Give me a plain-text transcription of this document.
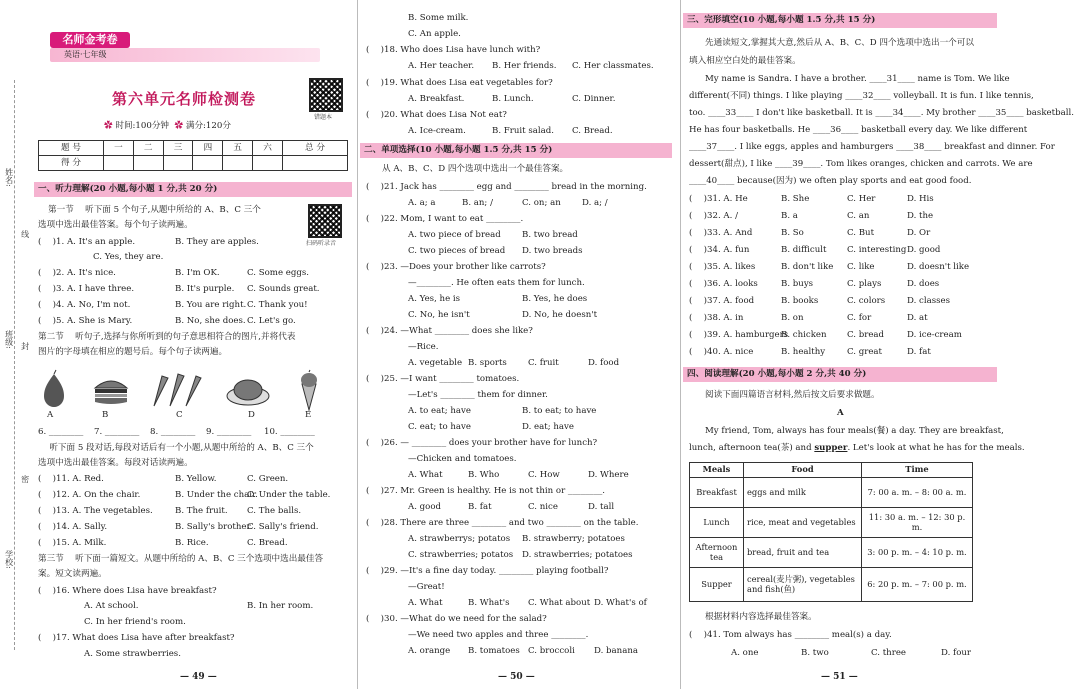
姓名:
线
班级: 封
密
学校:
名师金考卷
英语·七年级
错题本
第六单元名师检测卷
✿ 时间:100分钟 ✿ 满分:120分
题 号	一	二	三	四	五	六	总 分
得 分							
一、听力理解(20 小题,每小题 1 分,共 20 分)
扫码听录音
第一节　 听下面 5 个句子,从题中所给的 A、B、C 三个
选项中选出最佳答案。每个句子读两遍。
(　 )1. A. It's an apple.	B. They are apples.
C. Yes, they are.
(　 )2. A. It's nice.	B. I'm OK.	C. Some eggs.
(　 )3. A. I have three.	B. It's purple. C. Sounds great.
(　 )4. A. No, I'm not.	B. You are right. C. Thank you!
(　 )5. A. She is Mary.	B. No, she does. C. Let's go.
第二节　 听句子,选择与你所听到的句子意思相符合的图片,并将代表
图片的字母填在相应的题号后。每个句子读两遍。
A	B	C	D	E
6. ________ 7. ________ 8. ________ 9. ________ 10. ________
　 听下面 5 段对话,每段对话后有一个小题,从题中所给的 A、B、C 三个
选项中选出最佳答案。每段对话读两遍。
(　 )11. A. Red.	B. Yellow.	C. Green.
(　 )12. A. On the chair.	B. Under the chair.
C. Under the table.
(　 )13. A. The vegetables.	B. The fruit. C. The balls.
(　 )14. A. Sally.	B. Sally's brother.
C. Sally's friend.
(　 )15. A. Milk.	B. Rice.	C. Bread.
第三节　 听下面一篇短文。从题中所给的 A、B、C 三个选项中选出最佳答
案。短文读两遍。
(　 )16. Where does Lisa have breakfast?
A. At school.	B. In her room.
C. In her friend's room.
(　 )17. What does Lisa have after breakfast?
A. Some strawberries.
— 49 —
B. Some milk.
C. An apple.
(　 )18. Who does Lisa have lunch with?
A. Her teacher. B. Her friends. C. Her classmates.
(　 )19. What does Lisa eat vegetables for?
A. Breakfast.	B. Lunch.	C. Dinner.
(　 )20. What does Lisa Not eat?
A. Ice-cream.	B. Fruit salad. C. Bread.
二、单项选择(10 小题,每小题 1.5 分,共 15 分)
从 A、B、C、D 四个选项中选出一个最佳答案。
(　 )21. Jack has ________ egg and ________ bread in the morning.
A. a; a	B. an; /	C. on; an D. a; /
(　 )22. Mom, I want to eat ________.
A. two piece of bread B. two bread
C. two pieces of bread D. two breads
(　 )23. —Does your brother like carrots?
—________. He often eats them for lunch.
A. Yes, he is	B. Yes, he does
C. No, he isn't	D. No, he doesn't
(　 )24. —What ________ does she like?
—Rice.
A. vegetable B. sports C. fruit	D. food
(　 )25. —I want ________ tomatoes.
—Let's ________ them for dinner.
A. to eat; have	B. to eat; to have
C. eat; to have	D. eat; have
(　 )26. — ________ does your brother have for lunch?
—Chicken and tomatoes.
A. What	B. Who	C. How	D. Where
(　 )27. Mr. Green is healthy. He is not thin or ________.
A. good	B. fat	C. nice	D. tall
(　 )28. There are three ________ and two ________ on the table.
A. strawberrys; potatos B. strawberry; potatoes
C. strawberries; potatos D. strawberries; potatoes
(　 )29. —It's a fine day today. ________ playing football?
—Great!
A. What	B. What's C. What about D. What's of
(　 )30. —What do we need for the salad?
—We need two apples and three ________.
A. orange B. tomatoes C. broccoli D. banana
— 50 —
三、完形填空(10 小题,每小题 1.5 分,共 15 分)
先通读短文,掌握其大意,然后从 A、B、C、D 四个选项中选出一个可以
填入相应空白处的最佳答案。
My name is Sandra. I have a brother. ____31____ name is Tom. We like
different(不同) things. I like playing ____32____ volleyball. It is fun. I like tennis,
too. ____33____ I don't like basketball. It is ____34____. My brother ____35____ basketball.
He has four basketballs. He ____36____ basketball every day. We like different
____37____. I like eggs, apples and hamburgers ____38____ breakfast and dinner. For
dessert(甜点), I like ____39____. Tom likes oranges, chicken and carrots. We are
____40____ because(因为) we often play sports and eat good food.
(　 )31. A. He	B. She	C. Her	D. His
(　 )32. A. /	B. a	C. an	D. the
(　 )33. A. And	B. So	C. But	D. Or
(　 )34. A. fun	B. difficult C. interesting D. good
(　 )35. A. likes	B. don't like C. like	D. doesn't like
(　 )36. A. looks	B. buys	C. plays	D. does
(　 )37. A. food	B. books	C. colors	D. classes
(　 )38. A. in	B. on	C. for	D. at
(　 )39. A. hamburgers
B. chicken C. bread	D. ice-cream
(　 )40. A. nice	B. healthy	C. great	D. fat
四、阅读理解(20 小题,每小题 2 分,共 40 分)
阅读下面四篇语言材料,然后按文后要求做题。
A
My friend, Tom, always has four meals(餐) a day. They are breakfast,
lunch, afternoon tea(茶) and supper. Let's look at what he has for the meals.
Meals	Food	Time
Breakfast	eggs and milk	7: 00 a. m. – 8: 00 a. m.
Lunch	rice, meat and vegetables	11: 30 a. m. – 12: 30 p. m.
Afternoon tea	bread, fruit and tea	3: 00 p. m. – 4: 10 p. m.
Supper	cereal(麦片粥), vegetables and fish(鱼)	6: 20 p. m. – 7: 00 p. m.
根据材料内容选择最佳答案。
(　 )41. Tom always has ________ meal(s) a day.
A. one	B. two	C. three	D. four
— 51 —
